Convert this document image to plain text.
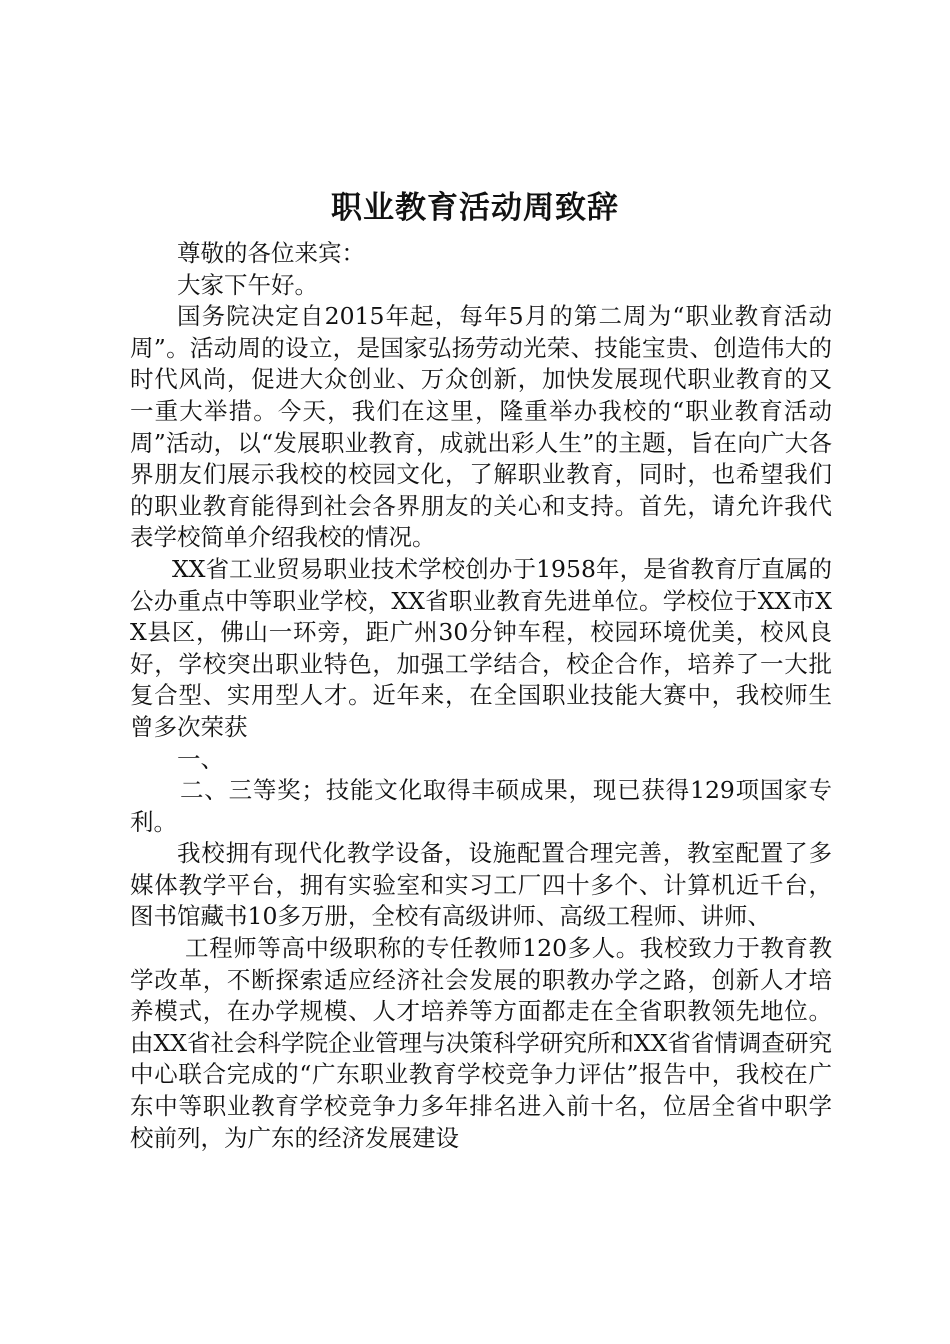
职业教育活动周致辞

尊敬的各位来宾：

大家下午好。

国务院决定自2015年起，每年5月的第二周为“职业教育活动周”。活动周的设立，是国家弘扬劳动光荣、技能宝贵、创造伟大的时代风尚，促进大众创业、万众创新，加快发展现代职业教育的又一重大举措。今天，我们在这里，隆重举办我校的“职业教育活动周”活动，以“发展职业教育，成就出彩人生”的主题，旨在向广大各界朋友们展示我校的校园文化，了解职业教育，同时，也希望我们的职业教育能得到社会各界朋友的关心和支持。首先，请允许我代表学校简单介绍我校的情况。

XX省工业贸易职业技术学校创办于1958年，是省教育厅直属的公办重点中等职业学校，XX省职业教育先进单位。学校位于XX市XX县区，佛山一环旁，距广州30分钟车程，校园环境优美，校风良好，学校突出职业特色，加强工学结合，校企合作，培养了一大批复合型、实用型人才。近年来，在全国职业技能大赛中，我校师生曾多次荣获

一、

二、三等奖；技能文化取得丰硕成果，现已获得129项国家专利。

我校拥有现代化教学设备，设施配置合理完善，教室配置了多媒体教学平台，拥有实验室和实习工厂四十多个、计算机近千台，图书馆藏书10多万册，全校有高级讲师、高级工程师、讲师、

工程师等高中级职称的专任教师120多人。我校致力于教育教学改革，不断探索适应经济社会发展的职教办学之路，创新人才培养模式，在办学规模、人才培养等方面都走在全省职教领先地位。由XX省社会科学院企业管理与决策科学研究所和XX省省情调查研究中心联合完成的“广东职业教育学校竞争力评估”报告中，我校在广东中等职业教育学校竞争力多年排名进入前十名，位居全省中职学校前列，为广东的经济发展建设
